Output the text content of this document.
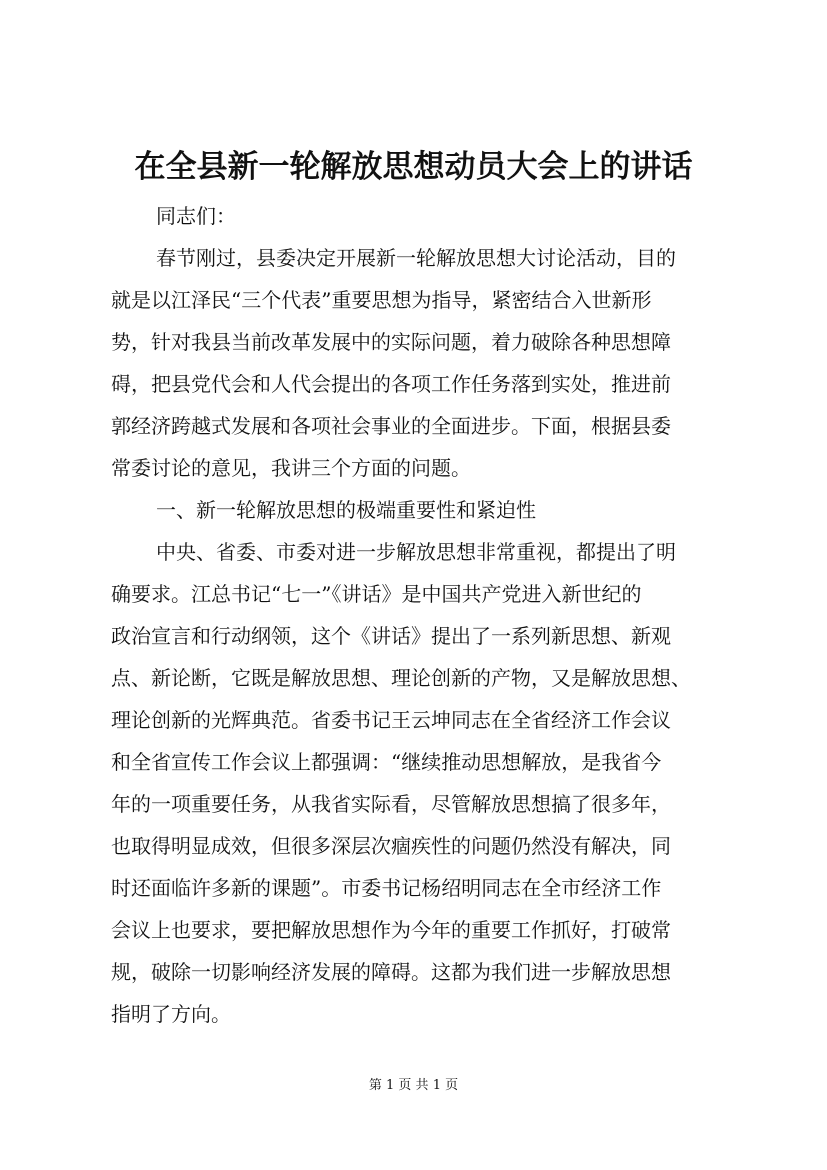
在全县新一轮解放思想动员大会上的讲话

同志们：

春节刚过，县委决定开展新一轮解放思想大讨论活动，目的

就是以江泽民“三个代表”重要思想为指导，紧密结合入世新形

势，针对我县当前改革发展中的实际问题，着力破除各种思想障

碍，把县党代会和人代会提出的各项工作任务落到实处，推进前

郭经济跨越式发展和各项社会事业的全面进步。下面，根据县委

常委讨论的意见，我讲三个方面的问题。

一、新一轮解放思想的极端重要性和紧迫性

中央、省委、市委对进一步解放思想非常重视，都提出了明

确要求。江总书记“七一”《讲话》是中国共产党进入新世纪的

政治宣言和行动纲领，这个《讲话》提出了一系列新思想、新观

点、新论断，它既是解放思想、理论创新的产物，又是解放思想、

理论创新的光辉典范。省委书记王云坤同志在全省经济工作会议

和全省宣传工作会议上都强调：“继续推动思想解放，是我省今

年的一项重要任务，从我省实际看，尽管解放思想搞了很多年，

也取得明显成效，但很多深层次痼疾性的问题仍然没有解决，同

时还面临许多新的课题”。市委书记杨绍明同志在全市经济工作

会议上也要求，要把解放思想作为今年的重要工作抓好，打破常

规，破除一切影响经济发展的障碍。这都为我们进一步解放思想

指明了方向。

第 1 页 共 1 页
